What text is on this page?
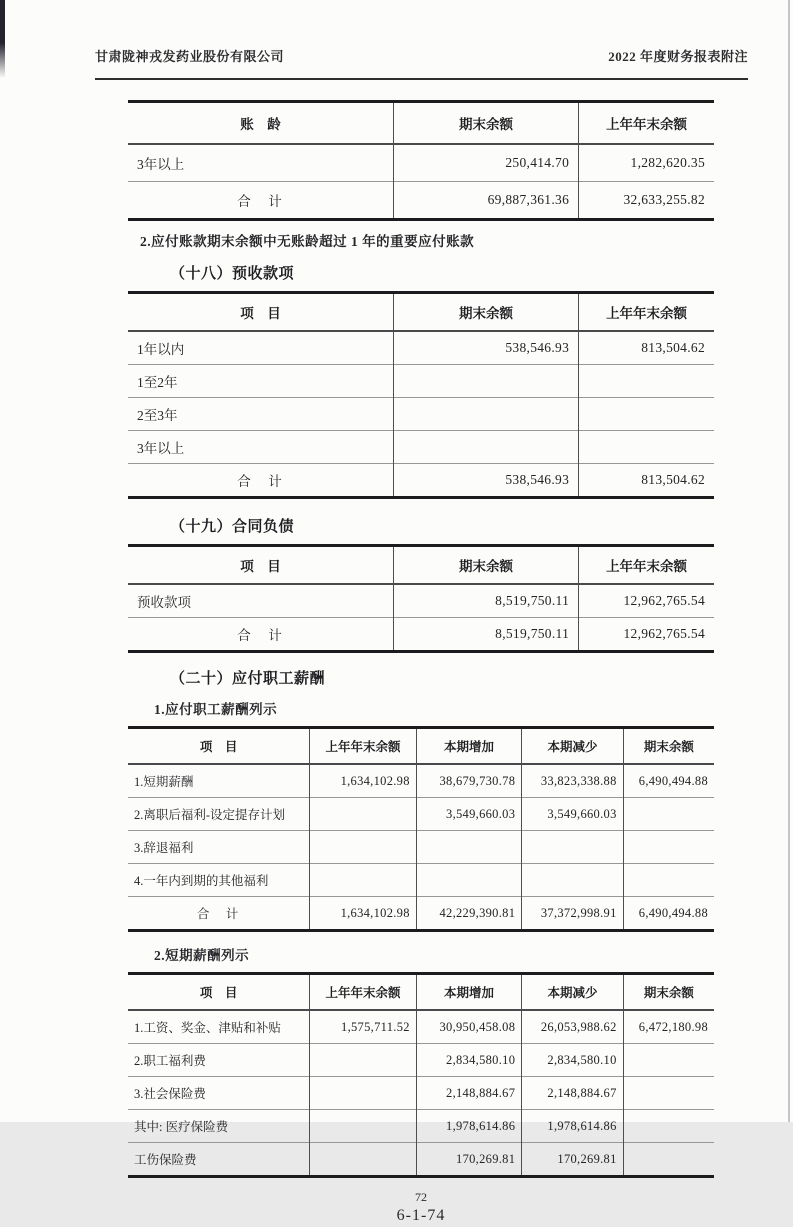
甘肃陇神戎发药业股份有限公司	2022 年度财务报表附注
账　龄	期末余额	上年年末余额
3年以上	250,414.70	1,282,620.35
合　计	69,887,361.36	32,633,255.82
2.应付账款期末余额中无账龄超过 1 年的重要应付账款
（十八）预收款项
项　目	期末余额	上年年末余额
1年以内	538,546.93	813,504.62
1至2年		
2至3年		
3年以上		
合　计	538,546.93	813,504.62
（十九）合同负债
项　目	期末余额	上年年末余额
预收款项	8,519,750.11	12,962,765.54
合　计	8,519,750.11	12,962,765.54
（二十）应付职工薪酬
1.应付职工薪酬列示
项　目	上年年末余额	本期增加	本期减少	期末余额
1.短期薪酬	1,634,102.98	38,679,730.78	33,823,338.88	6,490,494.88
2.离职后福利-设定提存计划		3,549,660.03	3,549,660.03	
3.辞退福利				
4.一年内到期的其他福利				
合　计	1,634,102.98	42,229,390.81	37,372,998.91	6,490,494.88
2.短期薪酬列示
项　目	上年年末余额	本期增加	本期减少	期末余额
1.工资、奖金、津贴和补贴	1,575,711.52	30,950,458.08	26,053,988.62	6,472,180.98
2.职工福利费		2,834,580.10	2,834,580.10	
3.社会保险费		2,148,884.67	2,148,884.67	
其中: 医疗保险费		1,978,614.86	1,978,614.86	
工伤保险费		170,269.81	170,269.81	
72
6-1-74
